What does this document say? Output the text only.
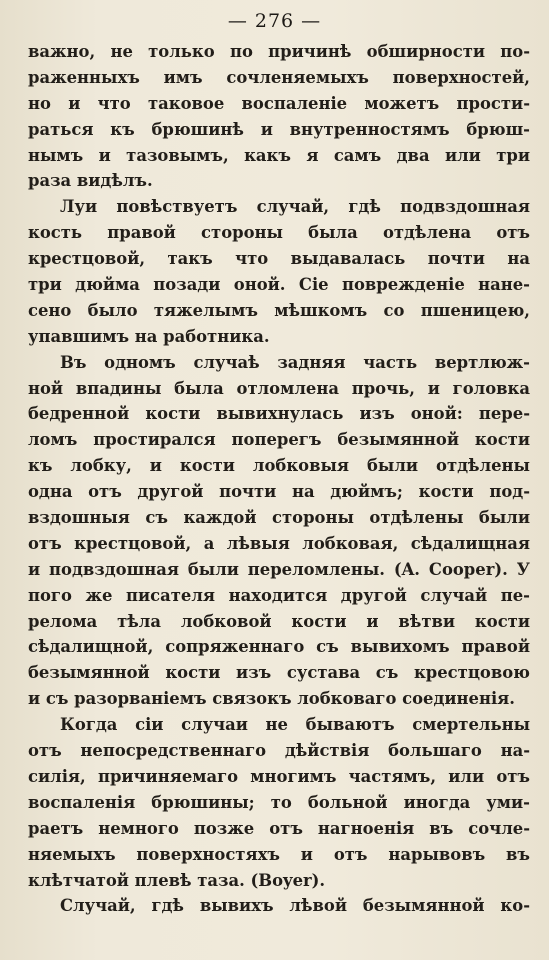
— 276 —
важно, не только по причинѣ обширности по-
раженныхъ имъ сочленяемыхъ поверхностей,
но и что таковое воспаленіе можетъ прости-
раться къ брюшинѣ и внутренностямъ брюш-
нымъ и тазовымъ, какъ я самъ два или три
раза видѣлъ.
Луи повѣствуетъ случай, гдѣ подвздошная
кость правой стороны была отдѣлена отъ
крестцовой, такъ что выдавалась почти на
три дюйма позади оной. Сіе поврежденіе нане-
сено было тяжелымъ мѣшкомъ со пшеницею,
упавшимъ на работника.
Въ одномъ случаѣ задняя часть вертлюж-
ной впадины была отломлена прочь, и головка
бедренной кости вывихнулась изъ оной: пере-
ломъ простирался поперегъ безымянной кости
къ лобку, и кости лобковыя были отдѣлены
одна отъ другой почти на дюймъ; кости под-
вздошныя съ каждой стороны отдѣлены были
отъ крестцовой, а лѣвыя лобковая, сѣдалищная
и подвздошная были переломлены. (A. Cooper). У
пого же писателя находится другой случай пе-
релома тѣла лобковой кости и вѣтви кости
сѣдалищной, сопряженнаго съ вывихомъ правой
безымянной кости изъ сустава съ крестцовою
и съ разорваніемъ связокъ лобковаго соединенія.
Когда сіи случаи не бываютъ смертельны
отъ непосредственнаго дѣйствія большаго на-
силія, причиняемаго многимъ частямъ, или отъ
воспаленія брюшины; то больной иногда уми-
раетъ немного позже отъ нагноенія въ сочле-
няемыхъ поверхностяхъ и отъ нарывовъ въ
клѣтчатой плевѣ таза. (Boyer).
Случай, гдѣ вывихъ лѣвой безымянной ко-
